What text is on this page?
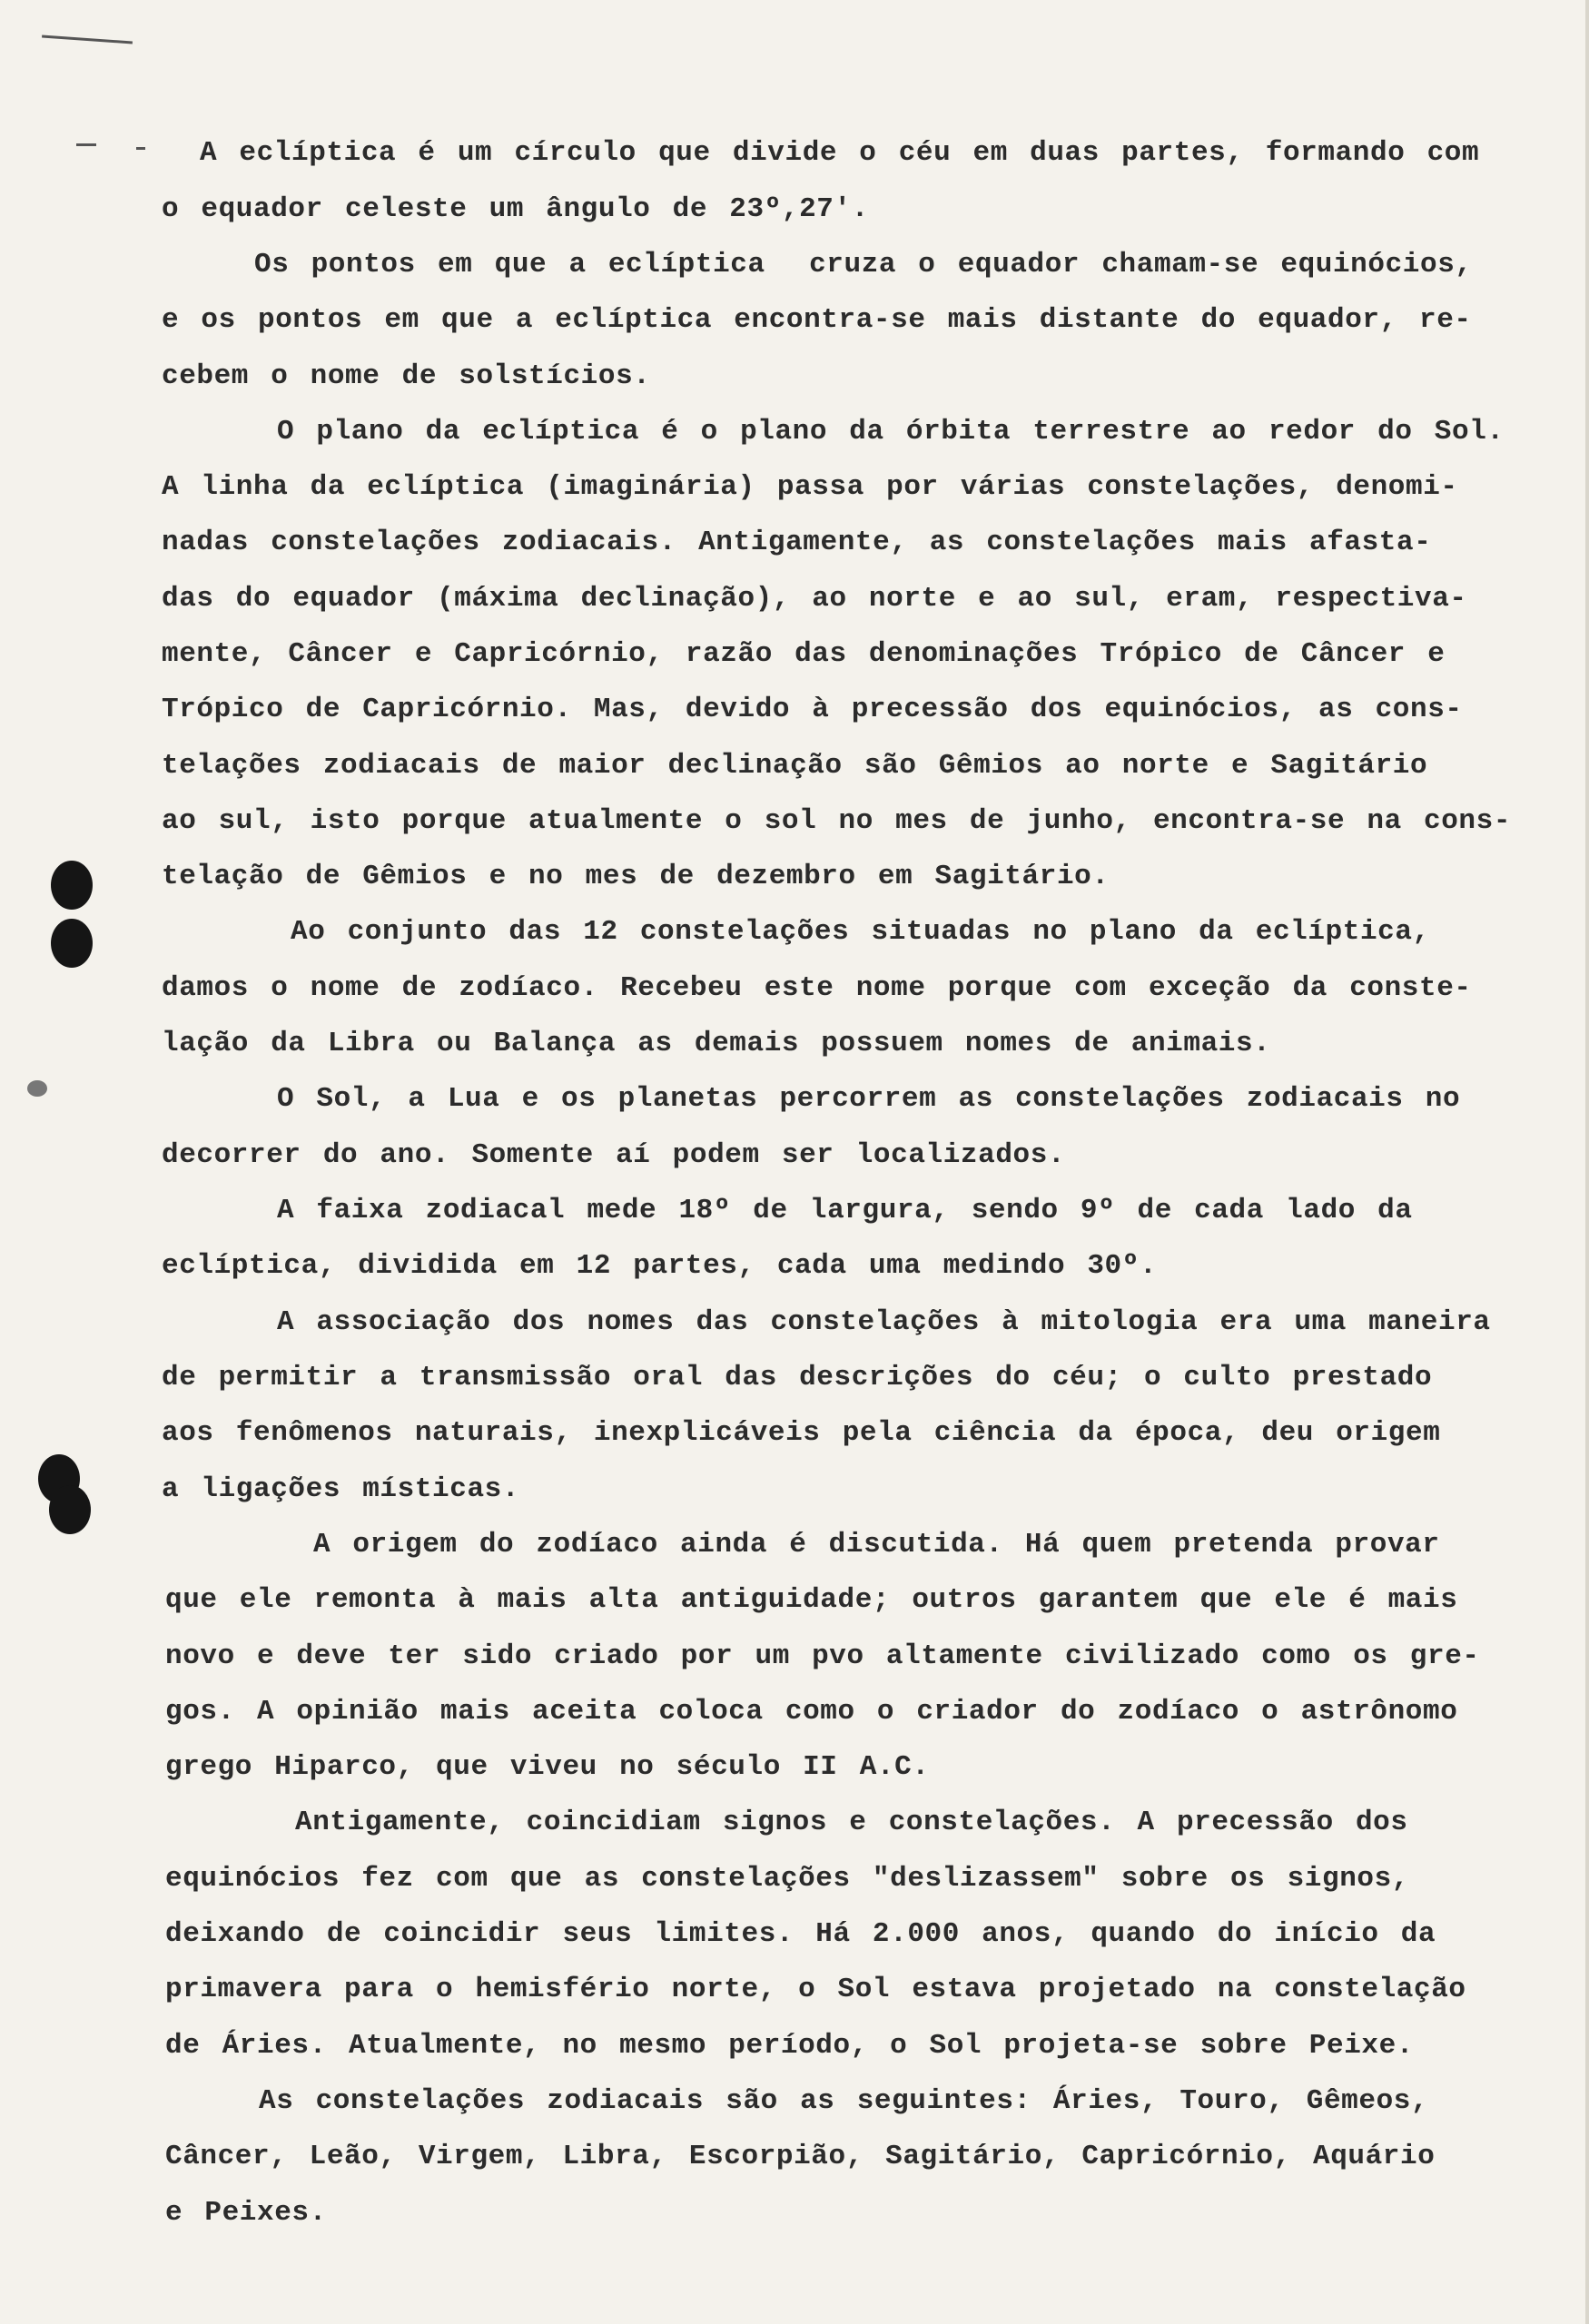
A eclíptica é um círculo que divide o céu em duas partes, formando com
o equador celeste um ângulo de 23º,27'.
Os pontos em que a eclíptica  cruza o equador chamam-se equinócios,
e os pontos em que a eclíptica encontra-se mais distante do equador, re-
cebem o nome de solstícios.
O plano da eclíptica é o plano da órbita terrestre ao redor do Sol.
A linha da eclíptica (imaginária) passa por várias constelações, denomi-
nadas constelações zodiacais. Antigamente, as constelações mais afasta-
das do equador (máxima declinação), ao norte e ao sul, eram, respectiva-
mente, Câncer e Capricórnio, razão das denominações Trópico de Câncer e
Trópico de Capricórnio. Mas, devido à precessão dos equinócios, as cons-
telações zodiacais de maior declinação são Gêmios ao norte e Sagitário
ao sul, isto porque atualmente o sol no mes de junho, encontra-se na cons-
telação de Gêmios e no mes de dezembro em Sagitário.
Ao conjunto das 12 constelações situadas no plano da eclíptica,
damos o nome de zodíaco. Recebeu este nome porque com exceção da conste-
lação da Libra ou Balança as demais possuem nomes de animais.
O Sol, a Lua e os planetas percorrem as constelações zodiacais no
decorrer do ano. Somente aí podem ser localizados.
A faixa zodiacal mede 18º de largura, sendo 9º de cada lado da
eclíptica, dividida em 12 partes, cada uma medindo 30º.
A associação dos nomes das constelações à mitologia era uma maneira
de permitir a transmissão oral das descrições do céu; o culto prestado
aos fenômenos naturais, inexplicáveis pela ciência da época, deu origem
a ligações místicas.
A origem do zodíaco ainda é discutida. Há quem pretenda provar
que ele remonta à mais alta antiguidade; outros garantem que ele é mais
novo e deve ter sido criado por um pvo altamente civilizado como os gre-
gos. A opinião mais aceita coloca como o criador do zodíaco o astrônomo
grego Hiparco, que viveu no século II A.C.
Antigamente, coincidiam signos e constelações. A precessão dos
equinócios fez com que as constelações "deslizassem" sobre os signos,
deixando de coincidir seus limites. Há 2.000 anos, quando do início da
primavera para o hemisfério norte, o Sol estava projetado na constelação
de Áries. Atualmente, no mesmo período, o Sol projeta-se sobre Peixe.
As constelações zodiacais são as seguintes: Áries, Touro, Gêmeos,
Câncer, Leão, Virgem, Libra, Escorpião, Sagitário, Capricórnio, Aquário
e Peixes.
